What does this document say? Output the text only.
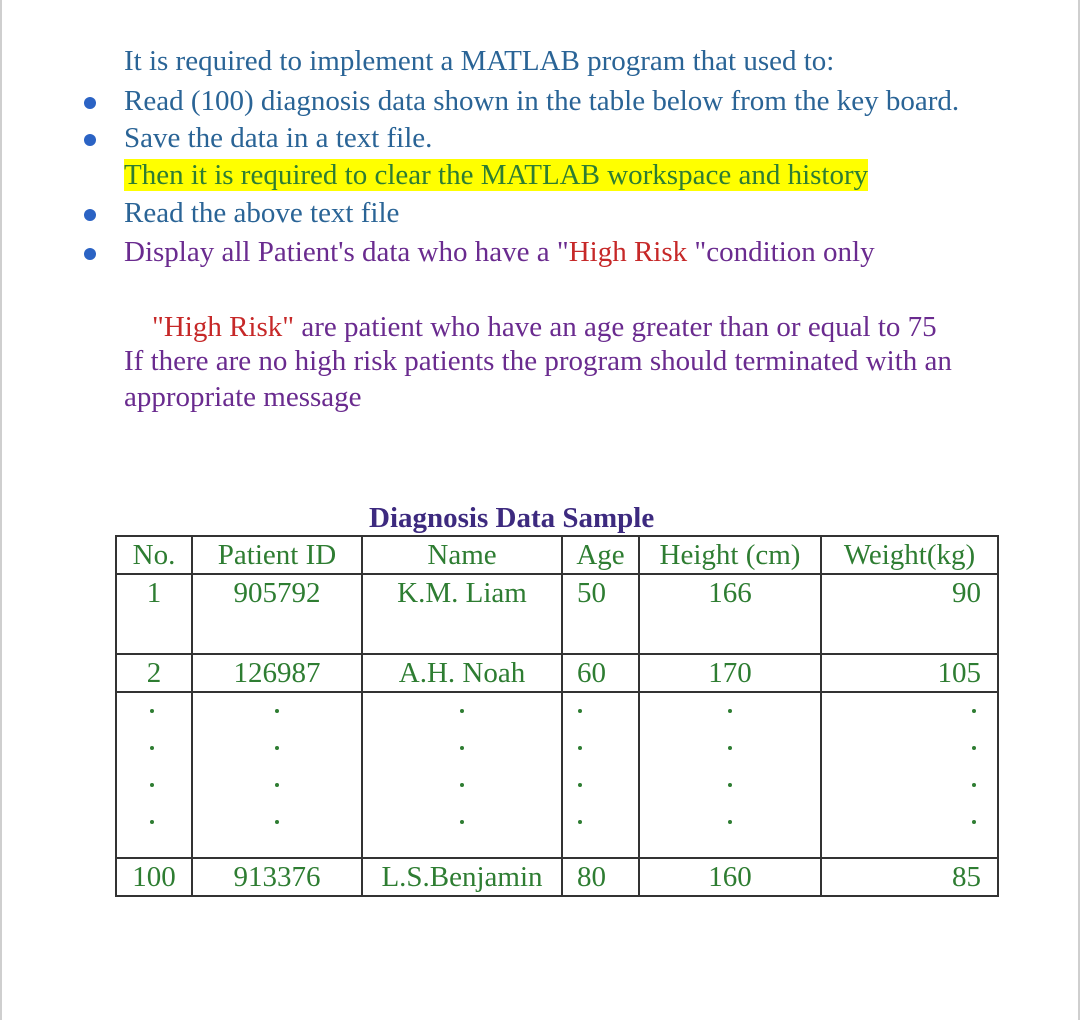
It is required to implement a MATLAB program that used to:
Read (100) diagnosis data shown in the table below from the key board.
Save the data in a text file.
Then it is required to clear the MATLAB workspace and history
Read the above text file
Display all Patient's data who have a "High Risk "condition only
"High Risk" are patient who have an age greater than or equal to 75
If there are no high risk patients the program should terminated with an
appropriate message
Diagnosis Data Sample
No.	Patient ID	Name	Age	Height (cm)	Weight(kg)
1	905792	K.M. Liam	50	166	90
2	126987	A.H. Noah	60	170	105

100	913376	L.S.Benjamin	80	160	85
